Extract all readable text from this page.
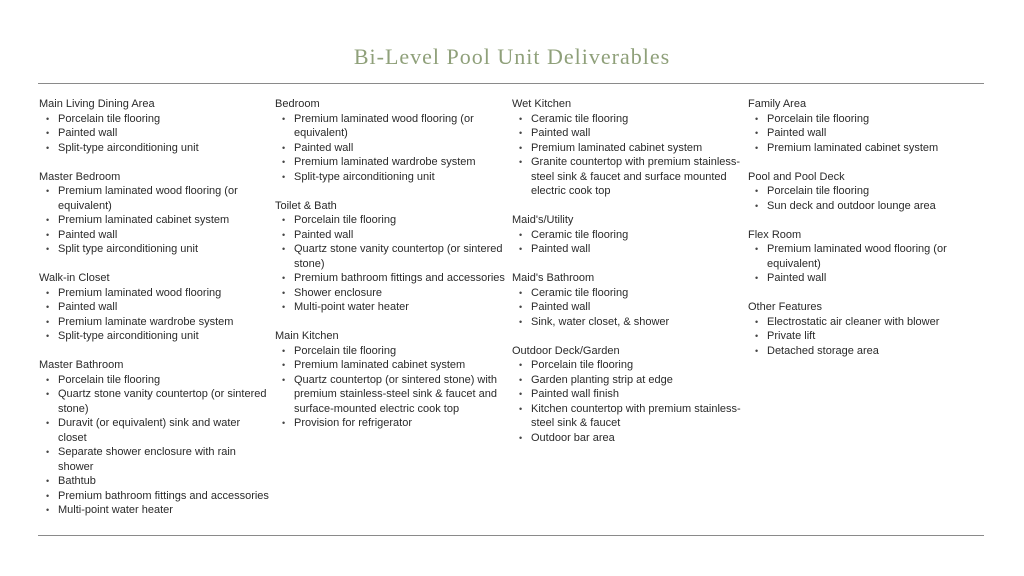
Bi-Level Pool Unit Deliverables
Main Living Dining Area
• Porcelain tile flooring
• Painted wall
• Split-type airconditioning unit
Master Bedroom
• Premium laminated wood flooring (or equivalent)
• Premium laminated cabinet system
• Painted wall
• Split type airconditioning unit
Walk-in Closet
• Premium laminated wood flooring
• Painted wall
• Premium laminate wardrobe system
• Split-type airconditioning unit
Master Bathroom
• Porcelain tile flooring
• Quartz stone vanity countertop (or sintered stone)
• Duravit (or equivalent) sink and water closet
• Separate shower enclosure with rain shower
• Bathtub
• Premium bathroom fittings and accessories
• Multi-point water heater
Bedroom
• Premium laminated wood flooring (or equivalent)
• Painted wall
• Premium laminated wardrobe system
• Split-type airconditioning unit
Toilet & Bath
• Porcelain tile flooring
• Painted wall
• Quartz stone vanity countertop (or sintered stone)
• Premium bathroom fittings and accessories
• Shower enclosure
• Multi-point water heater
Main Kitchen
• Porcelain tile flooring
• Premium laminated cabinet system
• Quartz countertop (or sintered stone) with premium stainless-steel sink & faucet and surface-mounted electric cook top
• Provision for refrigerator
Wet Kitchen
• Ceramic tile flooring
• Painted wall
• Premium laminated cabinet system
• Granite countertop with premium stainless-steel sink & faucet and surface mounted electric cook top
Maid's/Utility
• Ceramic tile flooring
• Painted wall
Maid's Bathroom
• Ceramic tile flooring
• Painted wall
• Sink, water closet, & shower
Outdoor Deck/Garden
• Porcelain tile flooring
• Garden planting strip at edge
• Painted wall finish
• Kitchen countertop with premium stainless-steel sink & faucet
• Outdoor bar area
Family Area
• Porcelain tile flooring
• Painted wall
• Premium laminated cabinet system
Pool and Pool Deck
• Porcelain tile flooring
• Sun deck and outdoor lounge area
Flex Room
• Premium laminated wood flooring (or equivalent)
• Painted wall
Other Features
• Electrostatic air cleaner with blower
• Private lift
• Detached storage area
